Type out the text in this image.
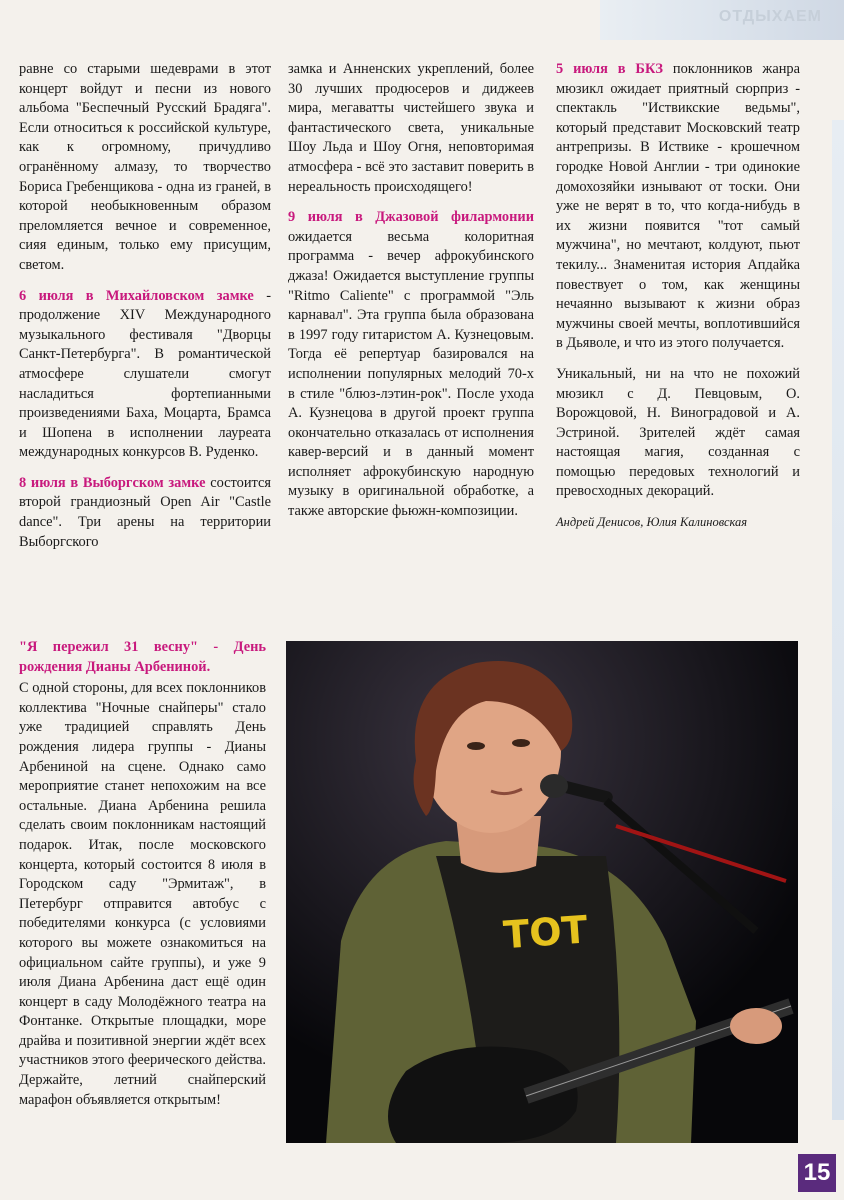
ОТДЫХАЕМ

равне со старыми шедеврами в этот концерт войдут и песни из нового альбома "Беспечный Русский Брадяга". Если относиться к российской культуре, как к огромному, причудливо огранённому алмазу, то творчество Бориса Гребенщикова - одна из граней, в которой необыкновенным образом преломляется вечное и современное, сияя единым, только ему присущим, светом.

6 июля в Михайловском замке - продолжение XIV Международного музыкального фестиваля "Дворцы Санкт-Петербурга". В романтической атмосфере слушатели смогут насладиться фортепианными произведениями Баха, Моцарта, Брамса и Шопена в исполнении лауреата международных конкурсов В. Руденко.

8 июля в Выборгском замке состоится второй грандиозный Open Air "Castle dance". Три арены на территории Выборгского

замка и Анненских укреплений, более 30 лучших продюсеров и диджеев мира, мегаватты чистейшего звука и фантастического света, уникальные Шоу Льда и Шоу Огня, неповторимая атмосфера - всё это заставит поверить в нереальность происходящего!

9 июля в Джазовой филармонии ожидается весьма колоритная программа - вечер афрокубинского джаза! Ожидается выступление группы "Ritmo Caliente" с программой "Эль карнавал". Эта группа была образована в 1997 году гитаристом А. Кузнецовым. Тогда её репертуар базировался на исполнении популярных мелодий 70-х в стиле "блюз-лэтин-рок". После ухода А. Кузнецова в другой проект группа окончательно отказалась от исполнения кавер-версий и в данный момент исполняет афрокубинскую народную музыку в оригинальной обработке, а также авторские фьюжн-композиции.

5 июля в БКЗ поклонников жанра мюзикл ожидает приятный сюрприз - спектакль "Иствикские ведьмы", который представит Московский театр антрепризы. В Иствике - крошечном городке Новой Англии - три одинокие домохозяйки изнывают от тоски. Они уже не верят в то, что когда-нибудь в их жизни появится "тот самый мужчина", но мечтают, колдуют, пьют текилу... Знаменитая история Апдайка повествует о том, как женщины нечаянно вызывают к жизни образ мужчины своей мечты, воплотившийся в Дьяволе, и что из этого получается.

Уникальный, ни на что не похожий мюзикл с Д. Певцовым, О. Ворожцовой, Н. Виноградовой и А. Эстриной. Зрителей ждёт самая настоящая магия, созданная с помощью передовых технологий и превосходных декораций.

Андрей Денисов, Юлия Калиновская

"Я пережил 31 весну" - День рождения Дианы Арбениной.

С одной стороны, для всех поклонников коллектива "Ночные снайперы" стало уже традицией справлять День рождения лидера группы - Дианы Арбениной на сцене. Однако само мероприятие станет непохожим на все остальные. Диана Арбенина решила сделать своим поклонникам настоящий подарок. Итак, после московского концерта, который состоится 8 июля в Городском саду "Эрмитаж", в Петербург отправится автобус с победителями конкурса (с условиями которого вы можете ознакомиться на официальном сайте группы), и уже 9 июля Диана Арбенина даст ещё один концерт в саду Молодёжного театра на Фонтанке. Открытые площадки, море драйва и позитивной энергии ждёт всех участников этого феерического действа. Держайте, летний снайперский марафон объявляется открытым!

ТОТ
15
